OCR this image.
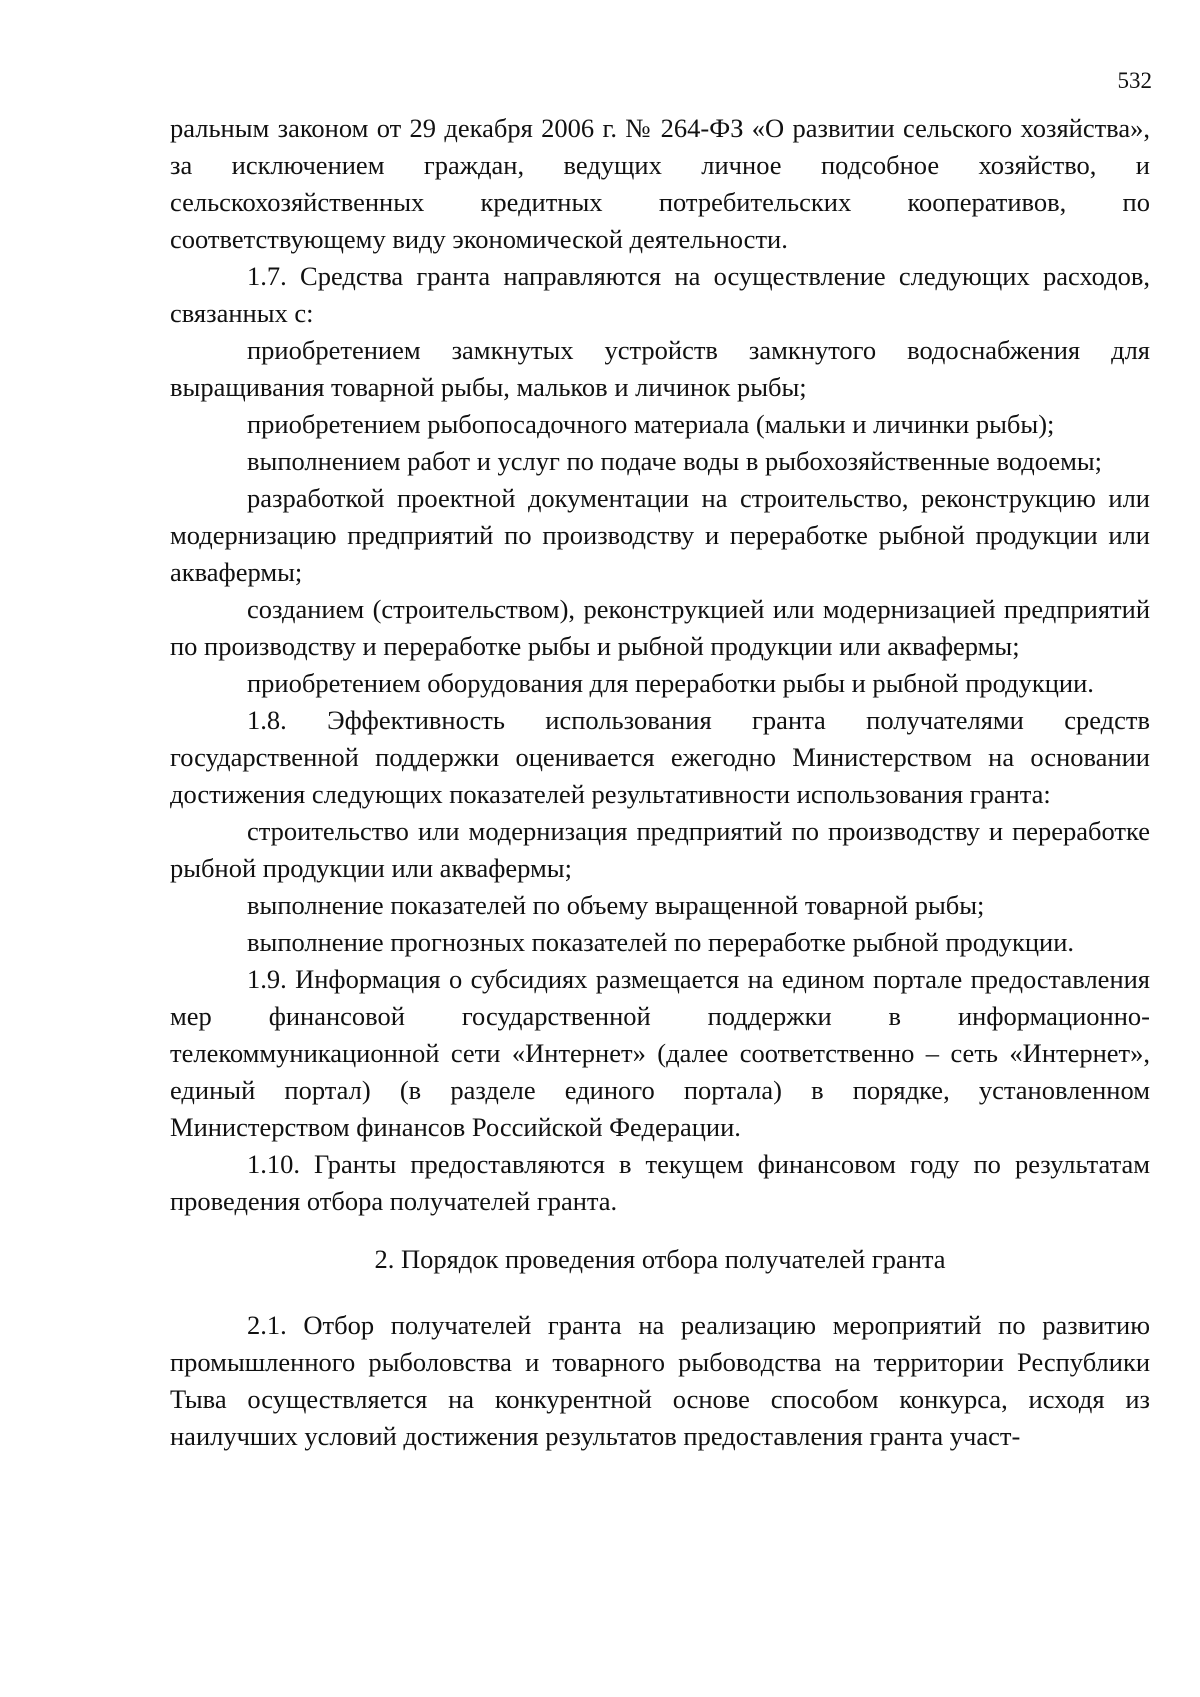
532

ральным законом от 29 декабря 2006 г. № 264-ФЗ «О развитии сельского хозяйства», за исключением граждан, ведущих личное подсобное хозяйство, и сельскохозяйственных кредитных потребительских кооперативов, по соответствующему виду экономической деятельности.

1.7. Средства гранта направляются на осуществление следующих расходов, связанных с:

приобретением замкнутых устройств замкнутого водоснабжения для выращивания товарной рыбы, мальков и личинок рыбы;

приобретением рыбопосадочного материала (мальки и личинки рыбы);

выполнением работ и услуг по подаче воды в рыбохозяйственные водоемы;

разработкой проектной документации на строительство, реконструкцию или модернизацию предприятий по производству и переработке рыбной продукции или аквафермы;

созданием (строительством), реконструкцией или модернизацией предприятий по производству и переработке рыбы и рыбной продукции или аквафермы;

приобретением оборудования для переработки рыбы и рыбной продукции.

1.8. Эффективность использования гранта получателями средств государственной поддержки оценивается ежегодно Министерством на основании достижения следующих показателей результативности использования гранта:

строительство или модернизация предприятий по производству и переработке рыбной продукции или аквафермы;

выполнение показателей по объему выращенной товарной рыбы;

выполнение прогнозных показателей по переработке рыбной продукции.

1.9. Информация о субсидиях размещается на едином портале предоставления мер финансовой государственной поддержки в информационно-телекоммуникационной сети «Интернет» (далее соответственно – сеть «Интернет», единый портал) (в разделе единого портала) в порядке, установленном Министерством финансов Российской Федерации.

1.10. Гранты предоставляются в текущем финансовом году по результатам проведения отбора получателей гранта.

2. Порядок проведения отбора получателей гранта

2.1. Отбор получателей гранта на реализацию мероприятий по развитию промышленного рыболовства и товарного рыбоводства на территории Республики Тыва осуществляется на конкурентной основе способом конкурса, исходя из наилучших условий достижения результатов предоставления гранта участ-
